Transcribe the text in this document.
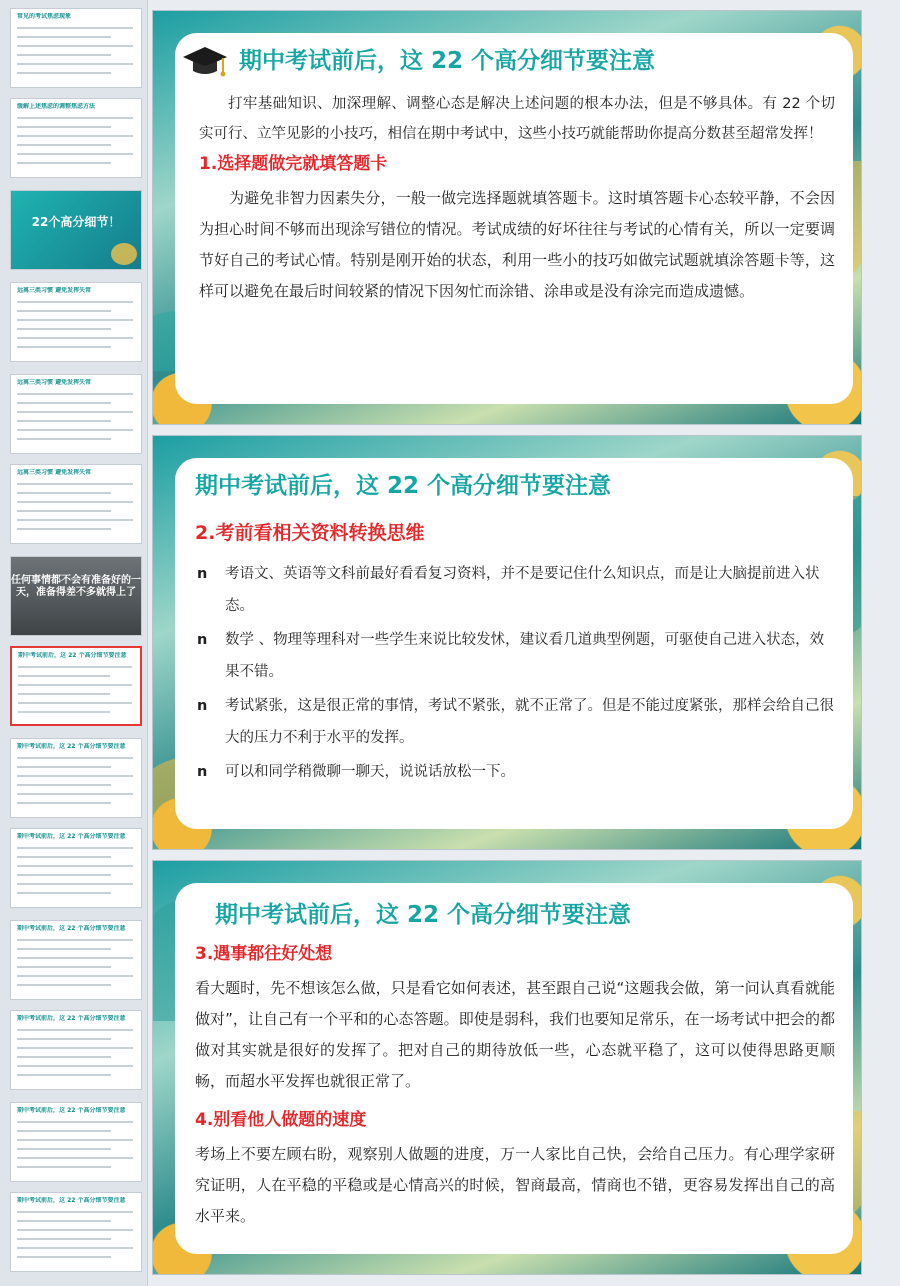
常见的考试焦虑现象
缓解上述焦虑的调整焦虑方法
22个高分细节！
远离三类习惯 避免发挥失常
远离三类习惯 避免发挥失常
远离三类习惯 避免发挥失常
任何事情都不会有准备好的一天，准备得差不多就得上了
期中考试前后，这 22 个高分细节要注意
期中考试前后，这 22 个高分细节要注意
期中考试前后，这 22 个高分细节要注意
期中考试前后，这 22 个高分细节要注意
期中考试前后，这 22 个高分细节要注意
期中考试前后，这 22 个高分细节要注意
期中考试前后，这 22 个高分细节要注意
期中考试前后，这 22 个高分细节要注意
打牢基础知识、加深理解、调整心态是解决上述问题的根本办法，但是不够具体。有 22 个切实可行、立竿见影的小技巧，相信在期中考试中，这些小技巧就能帮助你提高分数甚至超常发挥！
1.选择题做完就填答题卡
为避免非智力因素失分，一般一做完选择题就填答题卡。这时填答题卡心态较平静，不会因为担心时间不够而出现涂写错位的情况。考试成绩的好坏往往与考试的心情有关，所以一定要调节好自己的考试心情。特别是刚开始的状态，利用一些小的技巧如做完试题就填涂答题卡等，这样可以避免在最后时间较紧的情况下因匆忙而涂错、涂串或是没有涂完而造成遗憾。
期中考试前后，这 22 个高分细节要注意
2.考前看相关资料转换思维
n 考语文、英语等文科前最好看看复习资料，并不是要记住什么知识点，而是让大脑提前进入状态。
n 数学 、物理等理科对一些学生来说比较发怵，建议看几道典型例题，可驱使自己进入状态，效果不错。
n 考试紧张，这是很正常的事情，考试不紧张，就不正常了。但是不能过度紧张，那样会给自己很大的压力不利于水平的发挥。
n 可以和同学稍微聊一聊天，说说话放松一下。
期中考试前后，这 22 个高分细节要注意
3.遇事都往好处想
看大题时，先不想该怎么做，只是看它如何表述，甚至跟自己说“这题我会做，第一问认真看就能做对”，让自己有一个平和的心态答题。即使是弱科，我们也要知足常乐，在一场考试中把会的都做对其实就是很好的发挥了。把对自己的期待放低一些，心态就平稳了，这可以使得思路更顺畅，而超水平发挥也就很正常了。
4.别看他人做题的速度
考场上不要左顾右盼，观察别人做题的进度，万一人家比自己快，会给自己压力。有心理学家研究证明，人在平稳的平稳或是心情高兴的时候，智商最高，情商也不错，更容易发挥出自己的高水平来。
